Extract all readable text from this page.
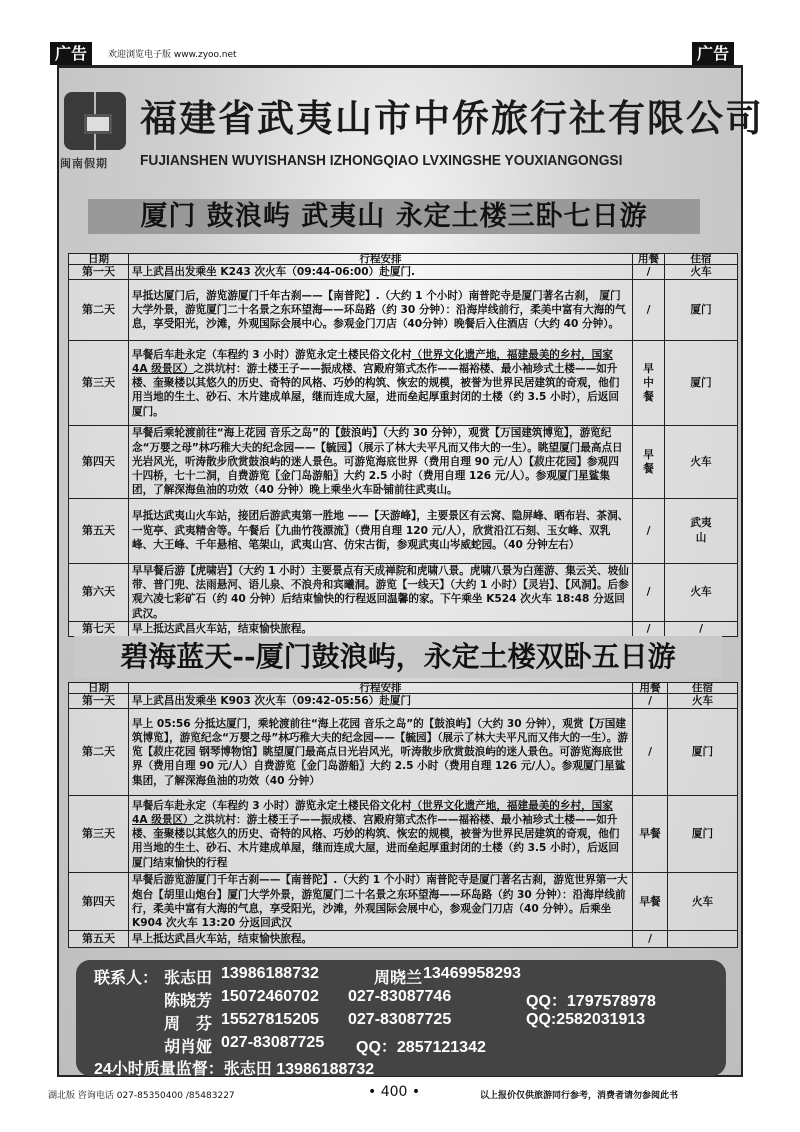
广告	欢迎浏览电子版 www.zyoo.net	广告
闽南假期
福建省武夷山市中侨旅行社有限公司
FUJIANSHEN WUYISHANSH IZHONGQIAO LVXINGSHE YOUXIANGONGSI
厦门 鼓浪屿 武夷山 永定土楼三卧七日游
日期	行程安排	用餐	住宿
第一天	早上武昌出发乘坐 K243 次火车（09:44-06:00）赴厦门.	/	火车
第二天	早抵达厦门后，游览游厦门千年古刹——【南普陀】.（大约 1 个小时）南普陀寺是厦门著名古刹， 厦门大学外景，游览厦门二十名景之东环望海——环岛路（约 30 分钟）：沿海岸线前行，柔美中富有大海的气息，享受阳光，沙滩，外观国际会展中心。参观金门刀店（40分钟）晚餐后入住酒店（大约 40 分钟）。	/	厦门
第三天	早餐后车赴永定（车程约 3 小时）游览永定土楼民俗文化村（世界文化遗产地，福建最美的乡村，国家 4A 级景区）之洪坑村：游土楼王子——振成楼、宫殿府第式杰作——福裕楼、最小袖珍式土楼——如升楼、奎聚楼以其悠久的历史、奇特的风格、巧妙的构筑、恢宏的规模，被誉为世界民居建筑的奇观，他们用当地的生土、砂石、木片建成单屋，继而连成大屋，进而垒起厚重封闭的土楼（约 3.5 小时），后返回厦门。	早中餐	厦门
第四天	早餐后乘轮渡前往“海上花园 音乐之岛”的【鼓浪屿】（大约 30 分钟），观赏【万国建筑博览】，游览纪念“万婴之母”林巧稚大夫的纪念园——【毓园】（展示了林大夫平凡而又伟大的一生）。眺望厦门最高点日光岩风光，听涛散步欣赏鼓浪屿的迷人景色。可游览海底世界（费用自理 90 元/人）【菽庄花园】参观四十四桥，七十二洞，自费游览〖金门岛游船〗大约 2.5 小时（费用自理 126 元/人）。参观厦门星鲨集团，了解深海鱼油的功效（40 分钟）晚上乘坐火车卧铺前往武夷山。	早餐	火车
第五天	早抵达武夷山火车站，接团后游武夷第一胜地 ——【天游峰】，主要景区有云窝、隐屏峰、晒布岩、茶洞、一览亭、武夷精舍等。午餐后〖九曲竹筏漂流〗（费用自理 120 元/人），欣赏沿江石刻、玉女峰、双乳峰、大王峰、千年悬棺、笔架山，武夷山宫、仿宋古街，参观武夷山岑威蛇园。（40 分钟左右）	/	武夷山
第六天	早早餐后游【虎啸岩】（大约 1 小时）主要景点有天成禅院和虎啸八景。虎啸八景为白莲游、集云关、坡仙带、普门兜、法雨悬河、语儿泉、不浪舟和宾曦洞。游览【一线天】（大约 1 小时）【灵岩】、【风洞】。后参观六凌七彩矿石（约 40 分钟）后结束愉快的行程返回温馨的家。下午乘坐 K524 次火车 18:48 分返回武汉。	/	火车
第七天	早上抵达武昌火车站，结束愉快旅程。	/	/
碧海蓝天--厦门鼓浪屿，永定土楼双卧五日游
日期	行程安排	用餐	住宿
第一天	早上武昌出发乘坐 K903 次火车（09:42-05:56）赴厦门	/	火车
第二天	早上 05:56 分抵达厦门，乘轮渡前往“海上花园 音乐之岛”的【鼓浪屿】（大约 30 分钟），观赏【万国建筑博览】，游览纪念“万婴之母”林巧稚大夫的纪念园——【毓园】（展示了林大夫平凡而又伟大的一生）。游览【菽庄花园 钢琴博物馆】眺望厦门最高点日光岩风光，听涛散步欣赏鼓浪屿的迷人景色。可游览海底世界（费用自理 90 元/人）自费游览〖金门岛游船〗大约 2.5 小时（费用自理 126 元/人）。参观厦门星鲨集团，了解深海鱼油的功效（40 分钟）	/	厦门
第三天	早餐后车赴永定（车程约 3 小时）游览永定土楼民俗文化村（世界文化遗产地，福建最美的乡村，国家 4A 级景区）之洪坑村：游土楼王子——振成楼、宫殿府第式杰作——福裕楼、最小袖珍式土楼——如升楼、奎聚楼以其悠久的历史、奇特的风格、巧妙的构筑、恢宏的规模，被誉为世界民居建筑的奇观，他们用当地的生土、砂石、木片建成单屋，继而连成大屋，进而垒起厚重封闭的土楼（约 3.5 小时），后返回厦门结束愉快的行程	早餐	厦门
第四天	早餐后游览游厦门千年古刹——【南普陀】.（大约 1 个小时）南普陀寺是厦门著名古刹，游览世界第一大炮台【胡里山炮台】厦门大学外景，游览厦门二十名景之东环望海——环岛路（约 30 分钟）：沿海岸线前行，柔美中富有大海的气息，享受阳光，沙滩，外观国际会展中心，参观金门刀店（40 分钟）。后乘坐 K904 次火车 13:20 分返回武汉	早餐	火车
第五天	早上抵达武昌火车站，结束愉快旅程。	/	
联系人： 张志田 13986188732	周晓兰 13469958293
陈晓芳 15072460702 027-83087746	QQ：1797578978
周　芬 15527815205 027-83087725	QQ:2582031913
胡肖娅 027-83087725 QQ：2857121342
24小时质量监督：张志田 13986188732
湖北版 咨询电话 027-85350400 /85483227	• 400 •	以上报价仅供旅游同行参考，消费者请勿参阅此书
